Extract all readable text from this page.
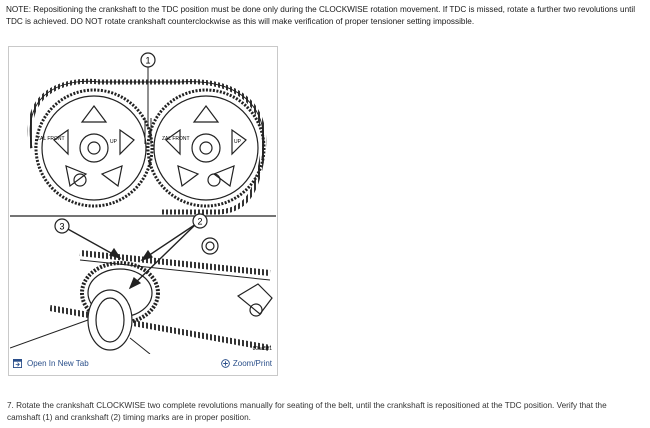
NOTE: Repositioning the crankshaft to the TDC position must be done only during the CLOCKWISE rotation movement. If TDC is missed, rotate a further two revolutions until TDC is achieved. DO NOT rotate crankshaft counterclockwise as this will make verification of proper tensioner setting impossible.
1
ZAL FRONT	ZAL FRONT
UP	UP
3	2
80aa5ff1
Open In New Tab	Zoom/Print
7. Rotate the crankshaft CLOCKWISE two complete revolutions manually for seating of the belt, until the crankshaft is repositioned at the TDC position. Verify that the camshaft (1) and crankshaft (2) timing marks are in proper position.
